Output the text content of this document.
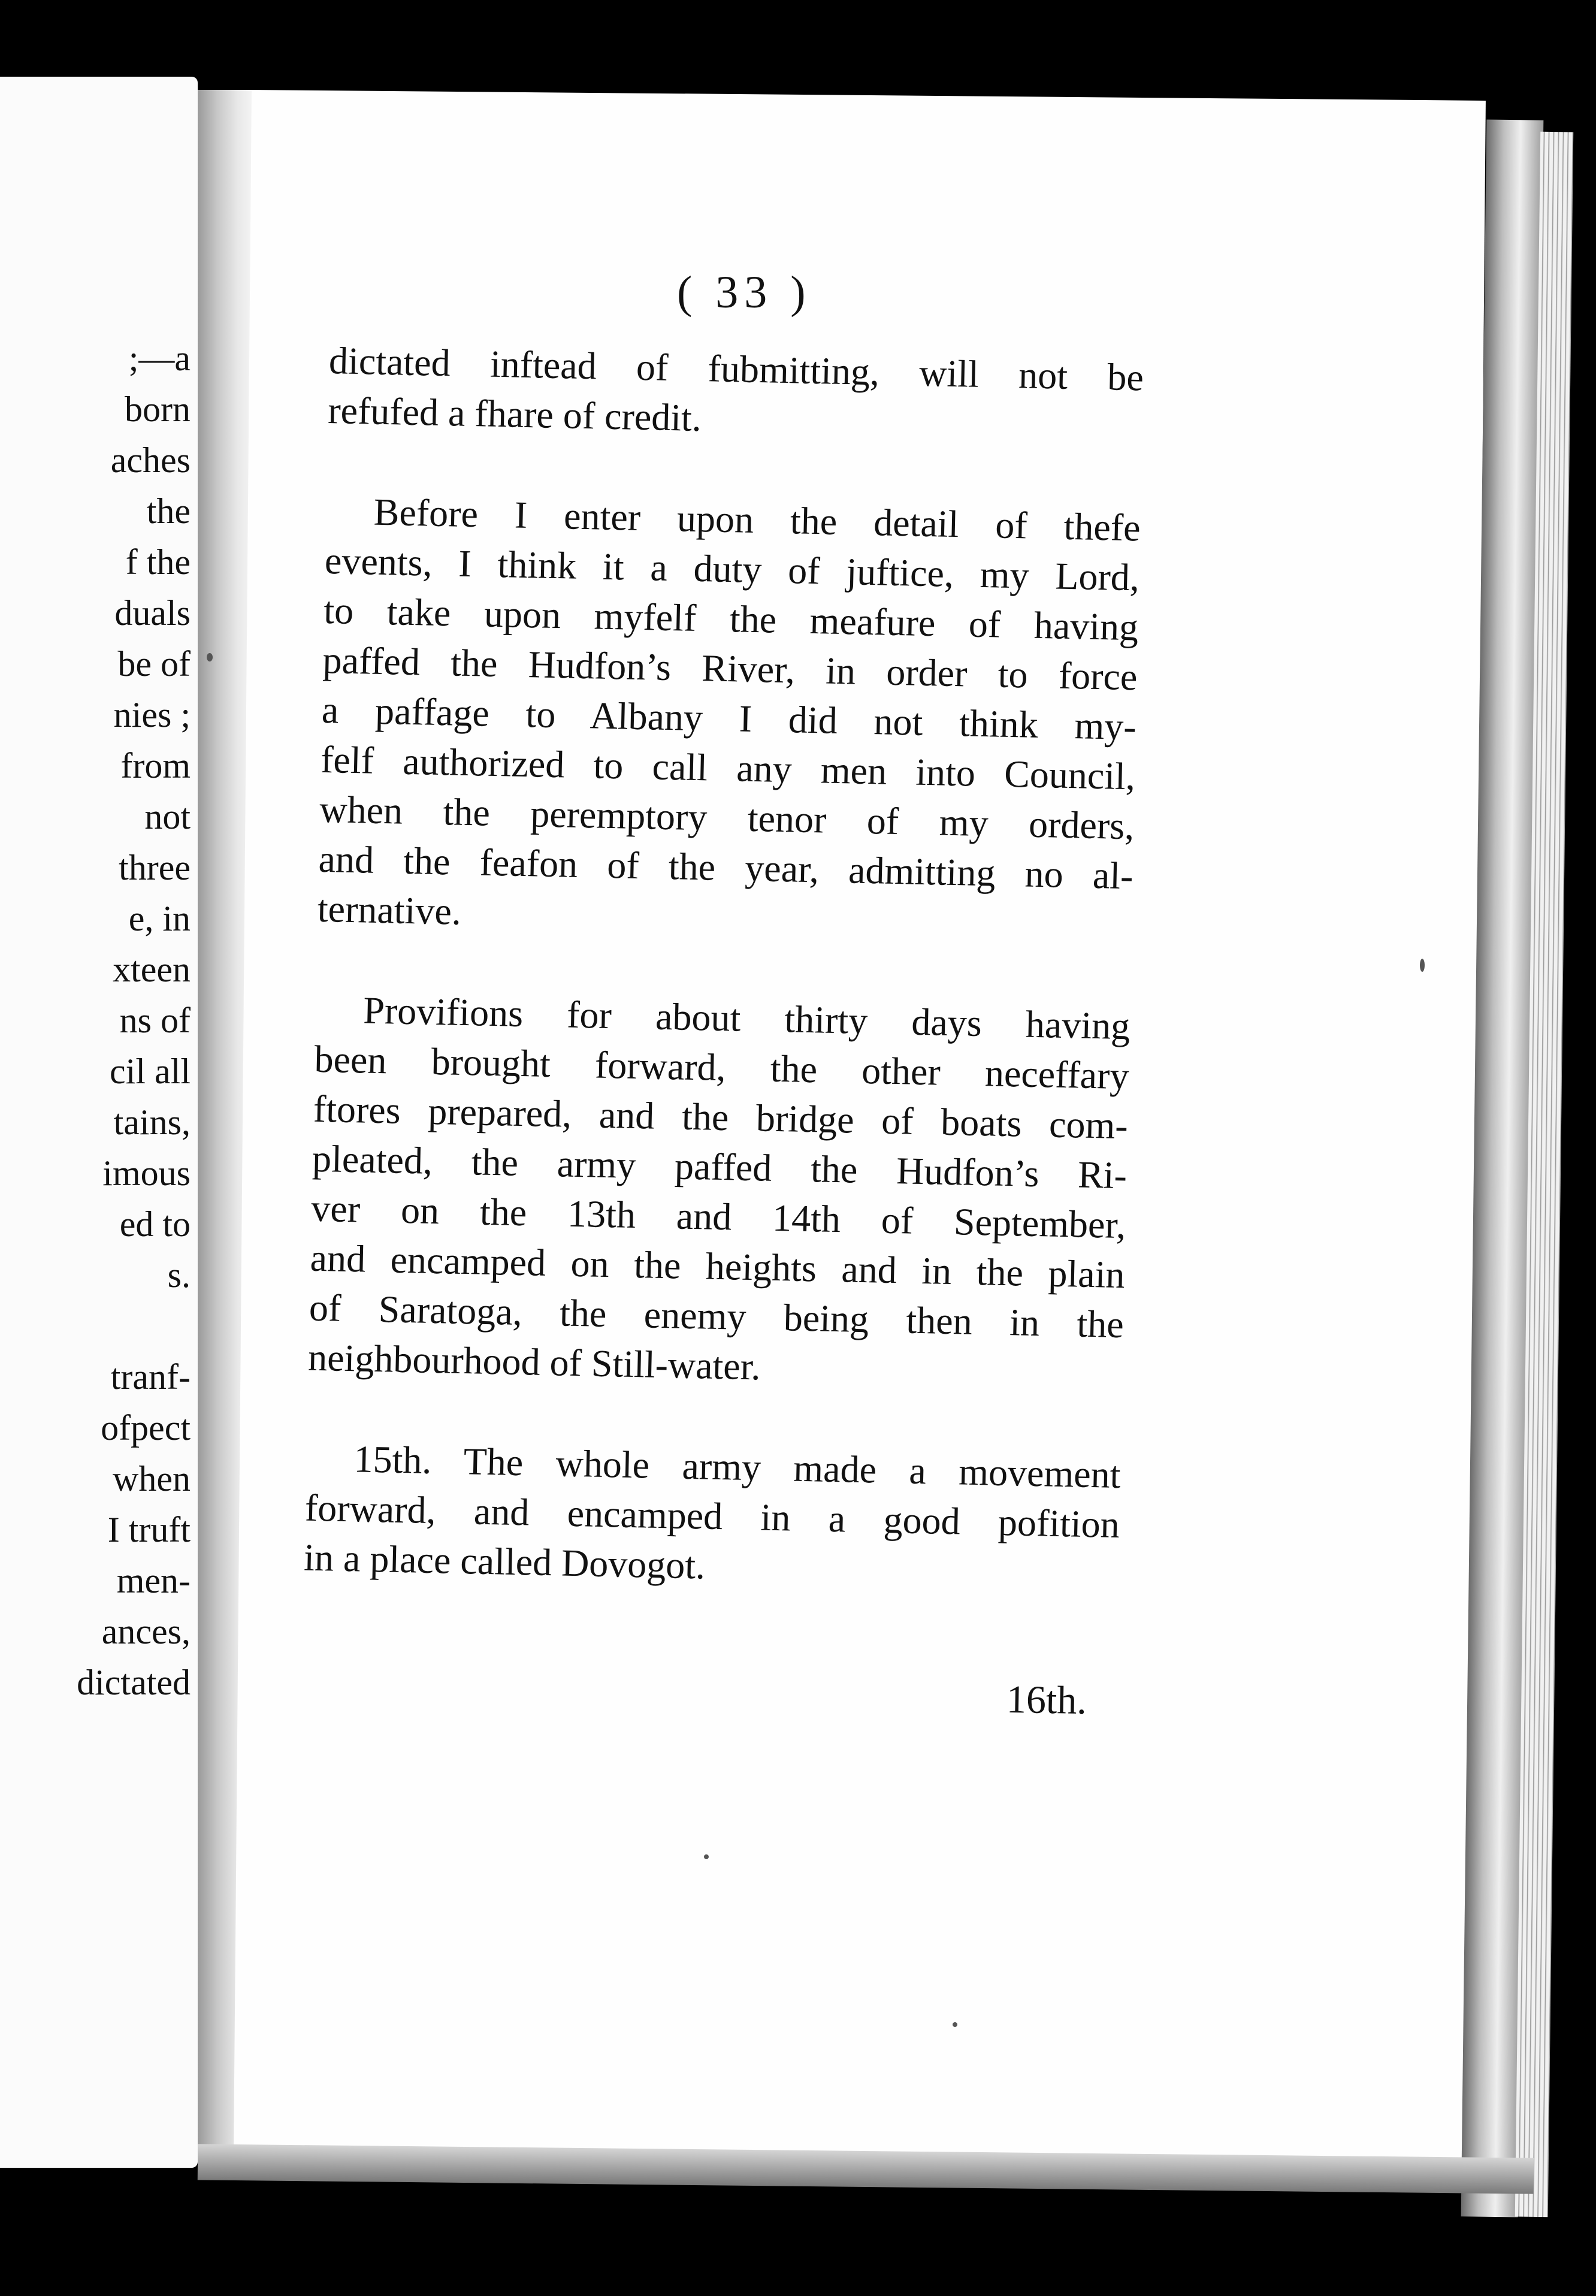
;—a
born
aches
the
f the
duals
be of
nies ;
from
not
three
e, in
xteen
ns of
cil all
tains,
imous
ed to
s.
tranf-
ofpect
when
I truft
men-
ances,
dictated
( 33 )
dictated inftead of fubmitting, will not be
refufed a fhare of credit.
Before I enter upon the detail of thefe
events, I think it a duty of juftice, my Lord,
to take upon myfelf the meafure of having
paffed the Hudfon’s River, in order to force
a paffage to Albany I did not think my-
felf authorized to call any men into Council,
when the peremptory tenor of my orders,
and the feafon of the year, admitting no al-
ternative.
Provifions for about thirty days having
been brought forward, the other neceffary
ftores prepared, and the bridge of boats com-
pleated, the army paffed the Hudfon’s Ri-
ver on the 13th and 14th of September,
and encamped on the heights and in the plain
of Saratoga, the enemy being then in the
neighbourhood of Still-water.
15th. The whole army made a movement
forward, and encamped in a good pofition
in a place called Dovogot.
16th.
